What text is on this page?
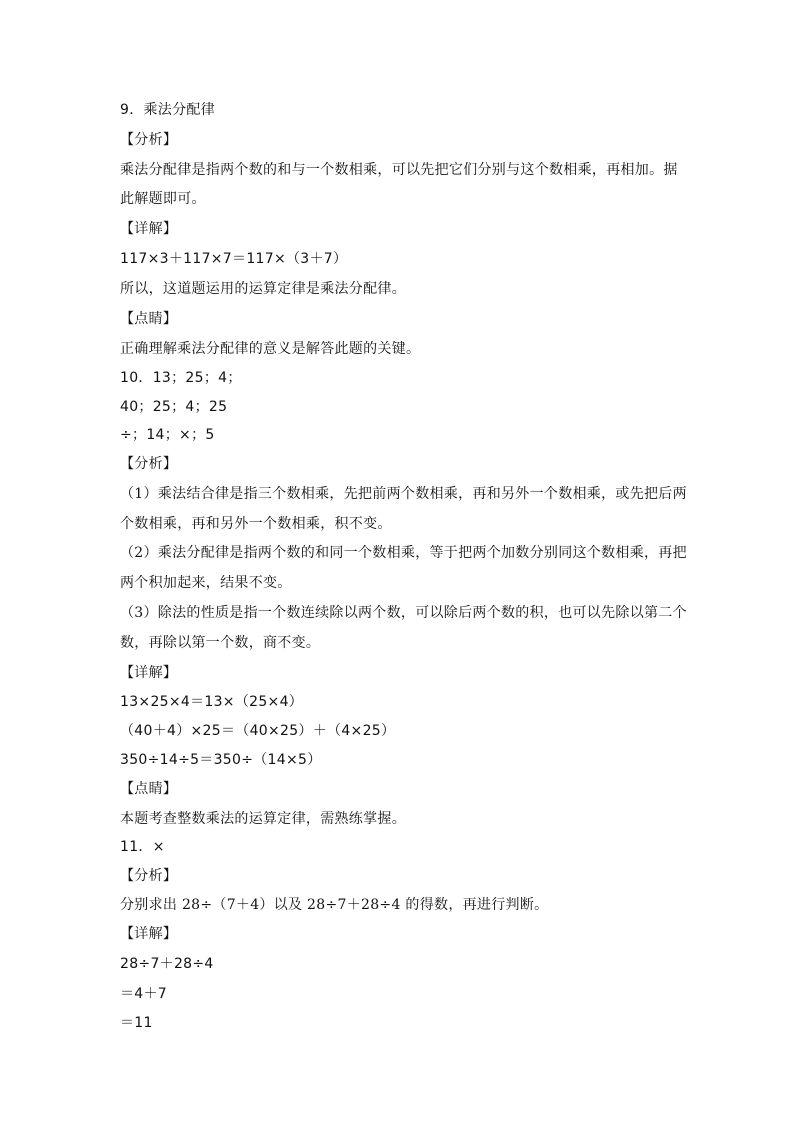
9．乘法分配律
【分析】
乘法分配律是指两个数的和与一个数相乘，可以先把它们分别与这个数相乘，再相加。据
此解题即可。
【详解】
117×3＋117×7＝117×（3＋7）
所以，这道题运用的运算定律是乘法分配律。
【点睛】
正确理解乘法分配律的意义是解答此题的关键。
10．13；25；4；
40；25；4；25
÷；14；×；5
【分析】
（1）乘法结合律是指三个数相乘，先把前两个数相乘，再和另外一个数相乘，或先把后两
个数相乘，再和另外一个数相乘，积不变。
（2）乘法分配律是指两个数的和同一个数相乘，等于把两个加数分别同这个数相乘，再把
两个积加起来，结果不变。
（3）除法的性质是指一个数连续除以两个数，可以除后两个数的积，也可以先除以第二个
数，再除以第一个数，商不变。
【详解】
13×25×4＝13×（25×4）
（40＋4）×25＝（40×25）＋（4×25）
350÷14÷5＝350÷（14×5）
【点睛】
本题考查整数乘法的运算定律，需熟练掌握。
11．×
【分析】
分别求出 28÷（7＋4）以及 28÷7＋28÷4 的得数，再进行判断。
【详解】
28÷7＋28÷4
＝4＋7
＝11
